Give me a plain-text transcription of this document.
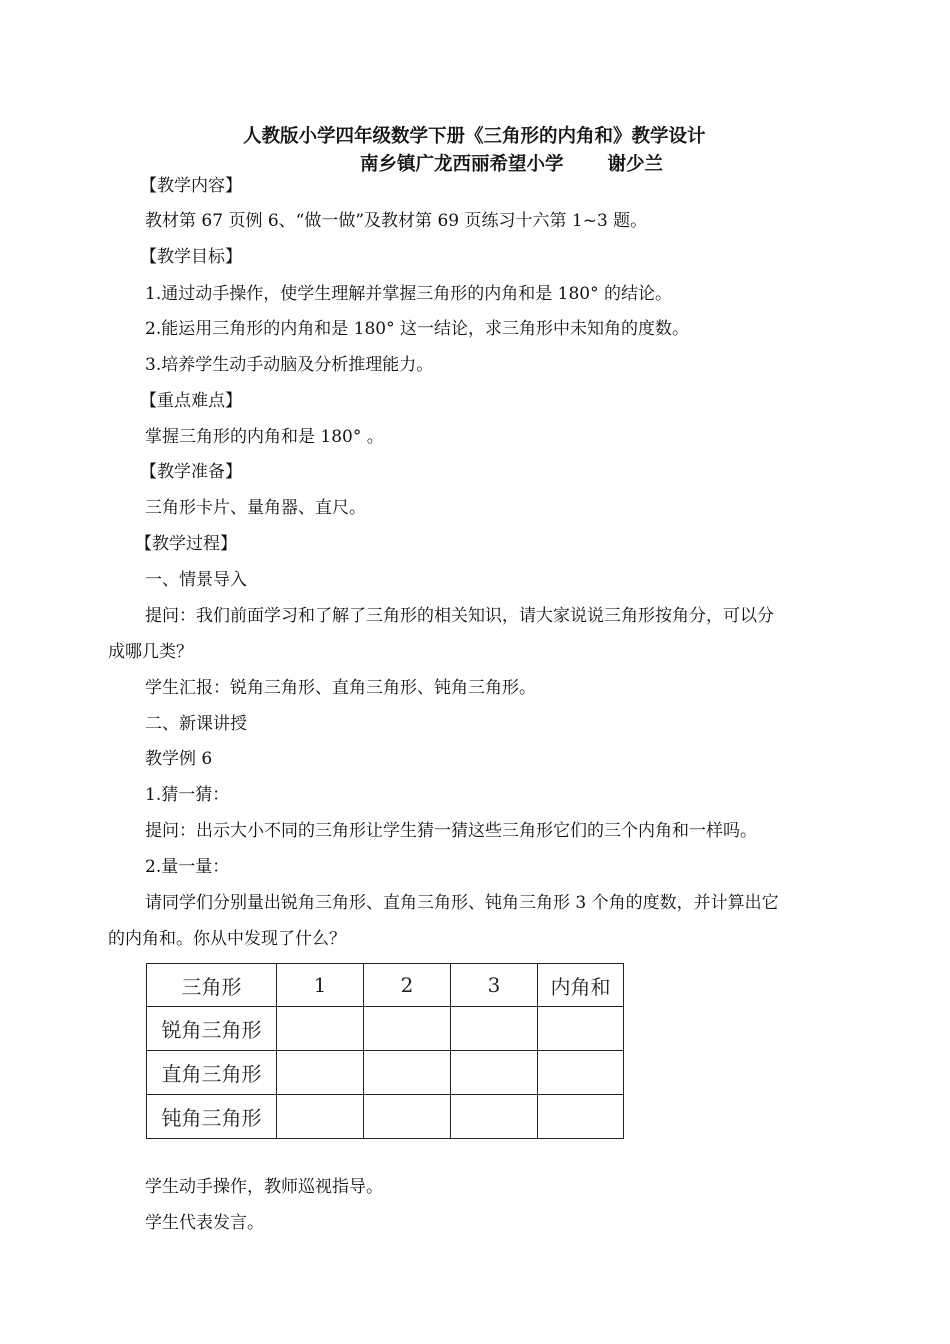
人教版小学四年级数学下册《三角形的内角和》教学设计
南乡镇广龙西丽希望小学 谢少兰
【教学内容】
教材第 67 页例 6、“做一做”及教材第 69 页练习十六第 1~3 题。
【教学目标】
1.通过动手操作，使学生理解并掌握三角形的内角和是 180° 的结论。
2.能运用三角形的内角和是 180° 这一结论，求三角形中未知角的度数。
3.培养学生动手动脑及分析推理能力。
【重点难点】
掌握三角形的内角和是 180° 。
【教学准备】
三角形卡片、量角器、直尺。
【教学过程】
一、情景导入
提问：我们前面学习和了解了三角形的相关知识，请大家说说三角形按角分，可以分
成哪几类？
学生汇报：锐角三角形、直角三角形、钝角三角形。
二、新课讲授
教学例 6
1.猜一猜：
提问：出示大小不同的三角形让学生猜一猜这些三角形它们的三个内角和一样吗。
2.量一量：
请同学们分别量出锐角三角形、直角三角形、钝角三角形 3 个角的度数，并计算出它
的内角和。你从中发现了什么？
三角形	1	2	3	内角和
锐角三角形				
直角三角形				
钝角三角形				
学生动手操作，教师巡视指导。
学生代表发言。
